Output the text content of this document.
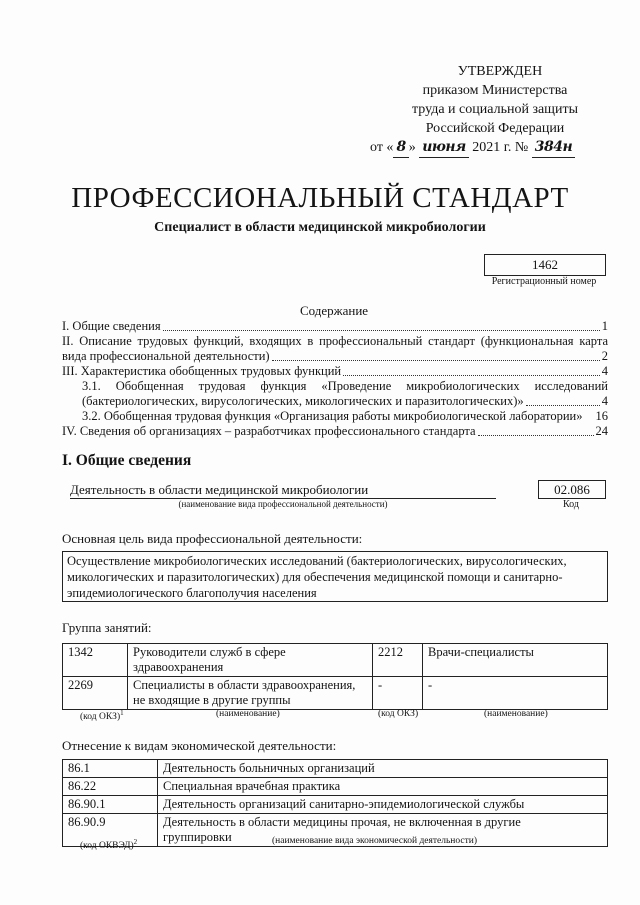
УТВЕРЖДЕН
приказом Министерства
труда и социальной защиты
Российской Федерации
от « 8 » июня 2021 г. № 384н
ПРОФЕССИОНАЛЬНЫЙ СТАНДАРТ
Специалист в области медицинской микробиологии
1462
Регистрационный номер
Содержание
I. Общие сведения	1
II. Описание трудовых функций, входящих в профессиональный стандарт (функциональная карта
вида профессиональной деятельности)	2
III. Характеристика обобщенных трудовых функций	4
3.1. Обобщенная трудовая функция «Проведение микробиологических исследований
(бактериологических, вирусологических, микологических и паразитологических)»	4
3.2. Обобщенная трудовая функция «Организация работы микробиологической лаборатории» 16
IV. Сведения об организациях – разработчиках профессионального стандарта	24
I. Общие сведения
Деятельность в области медицинской микробиологии
(наименование вида профессиональной деятельности)
02.086
Код
Основная цель вида профессиональной деятельности:
Осуществление микробиологических исследований (бактериологических, вирусологических, микологических и паразитологических) для обеспечения медицинской помощи и санитарно-эпидемиологического благополучия населения
Группа занятий:
1342	Руководители служб в сфере здравоохранения	2212	Врачи-специалисты
2269	Специалисты в области здравоохранения, не входящие в другие группы	-	-
(код ОКЗ)$^1$	(наименование)	(код ОКЗ)	(наименование)
Отнесение к видам экономической деятельности:
86.1	Деятельность больничных организаций
86.22	Специальная врачебная практика
86.90.1	Деятельность организаций санитарно-эпидемиологической службы
86.90.9	Деятельность в области медицины прочая, не включенная в другие группировки
(код ОКВЭД)$^2$	(наименование вида экономической деятельности)
